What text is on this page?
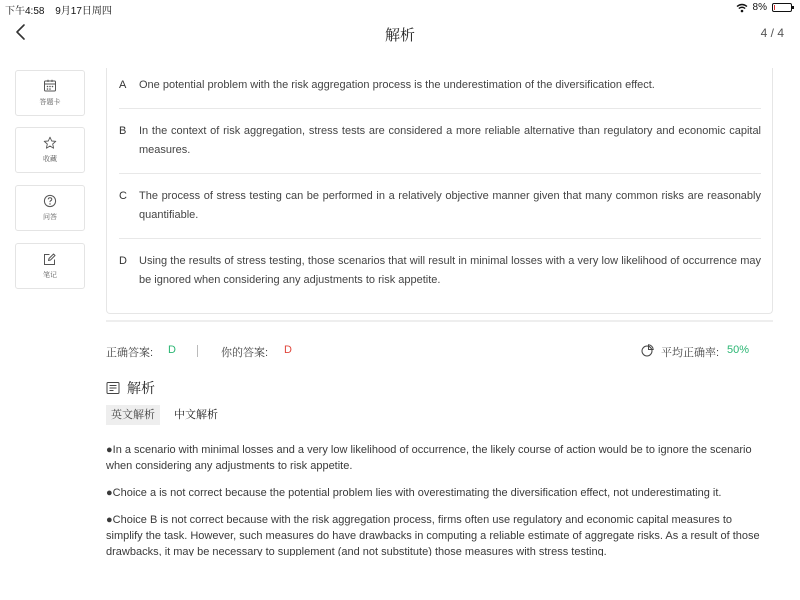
下午4:58 9月17日周四	8%
解析	4 / 4
答题卡
收藏
问答
笔记
A	One potential problem with the risk aggregation process is the underestimation of the diversification effect.
B	In the context of risk aggregation, stress tests are considered a more reliable alternative than regulatory and economic capital measures.
C	The process of stress testing can be performed in a relatively objective manner given that many common risks are reasonably quantifiable.
D	Using the results of stress testing, those scenarios that will result in minimal losses with a very low likelihood of occurrence may be ignored when considering any adjustments to risk appetite.
正确答案: D	你的答案: D	平均正确率: 50%
解析
英文解析	中文解析
●In a scenario with minimal losses and a very low likelihood of occurrence, the likely course of action would be to ignore the scenario when considering any adjustments to risk appetite.
●Choice a is not correct because the potential problem lies with overestimating the diversification effect, not underestimating it.
●Choice B is not correct because with the risk aggregation process, firms often use regulatory and economic capital measures to simplify the task. However, such measures do have drawbacks in computing a reliable estimate of aggregate risks. As a result of those drawbacks, it may be necessary to supplement (and not substitute) those measures with stress testing.
